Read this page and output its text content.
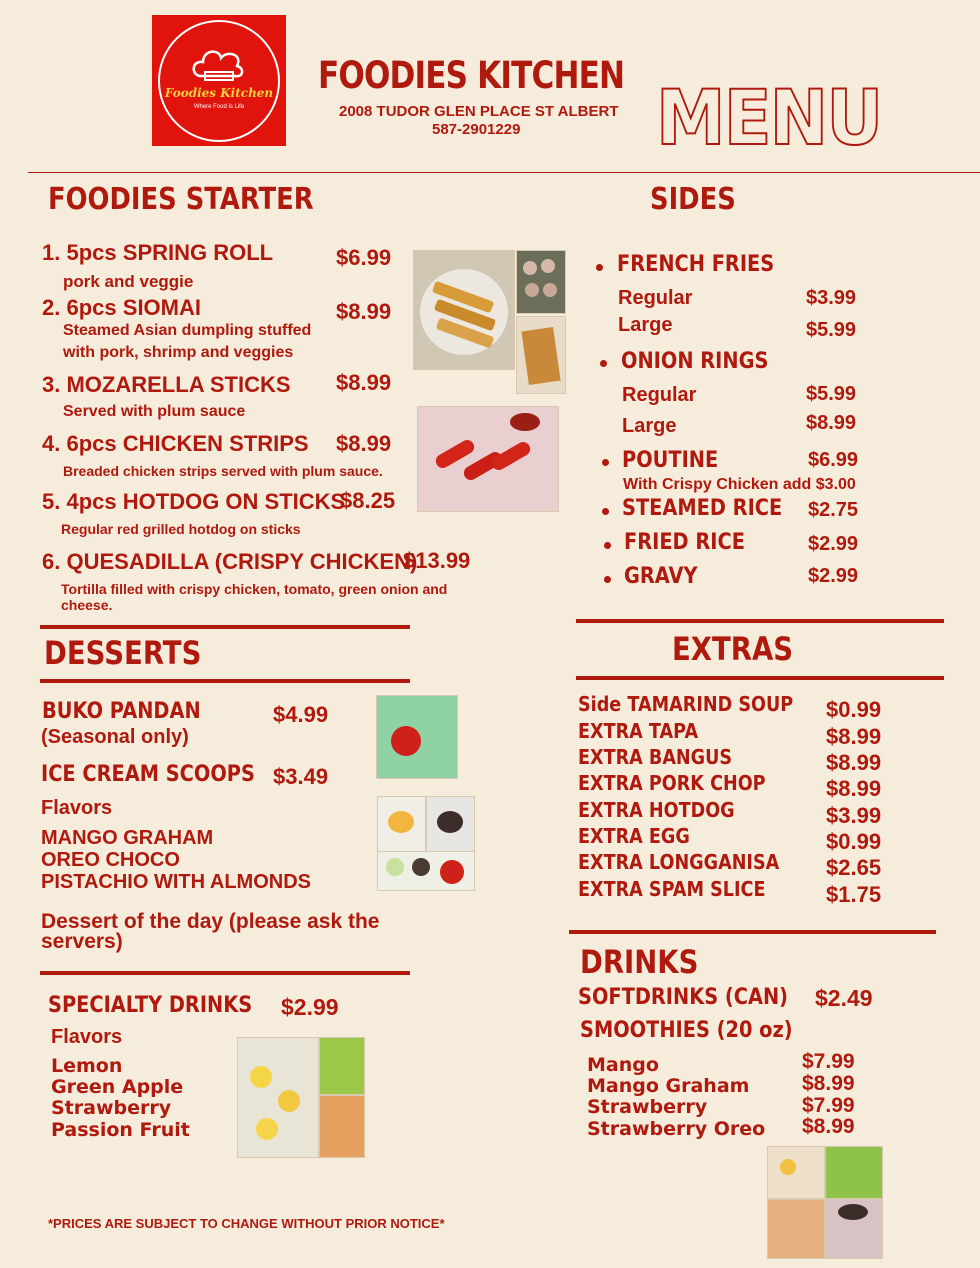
Foodies Kitchen
Where Food is Life
FOODIES KITCHEN
2008 TUDOR GLEN PLACE ST ALBERT
587-2901229 MENU
FOODIES STARTER
1. 5pcs SPRING ROLL	$6.99
pork and veggie
2. 6pcs SIOMAI	$8.99
Steamed Asian dumpling stuffed
with pork, shrimp and veggies
3. MOZARELLA STICKS $8.99
Served with plum sauce
4. 6pcs CHICKEN STRIPS $8.99
Breaded chicken strips served with plum sauce.
5. 4pcs HOTDOG ON STICKS
$8.25
Regular red grilled hotdog on sticks
6. QUESADILLA (CRISPY CHICKEN)
$13.99
Tortilla filled with crispy chicken, tomato, green onion and
cheese.
SIDES
FRENCH FRIES
Regular	$3.99
Large	$5.99
ONION RINGS
Regular	$5.99
Large	$8.99
POUTINE	$6.99
With Crispy Chicken add $3.00
STEAMED RICE $2.75
FRIED RICE	$2.99
GRAVY	$2.99
DESSERTS
BUKO PANDAN	$4.99
(Seasonal only)
ICE CREAM SCOOPS $3.49
Flavors
MANGO GRAHAM
OREO CHOCO
PISTACHIO WITH ALMONDS
Dessert of the day (please ask the
servers)
SPECIALTY DRINKS $2.99
Flavors
Lemon
Green Apple
Strawberry
Passion Fruit
EXTRAS
Side TAMARIND SOUP $0.99
EXTRA TAPA	$8.99
EXTRA BANGUS	$8.99
EXTRA PORK CHOP	$8.99
EXTRA HOTDOG	$3.99
EXTRA EGG	$0.99
EXTRA LONGGANISA $2.65
EXTRA SPAM SLICE	$1.75
DRINKS
SOFTDRINKS (CAN) $2.49
SMOOTHIES (20 oz)
Mango	$7.99
Mango Graham	$8.99
Strawberry	$7.99
Strawberry Oreo $8.99
*PRICES ARE SUBJECT TO CHANGE WITHOUT PRIOR NOTICE*
